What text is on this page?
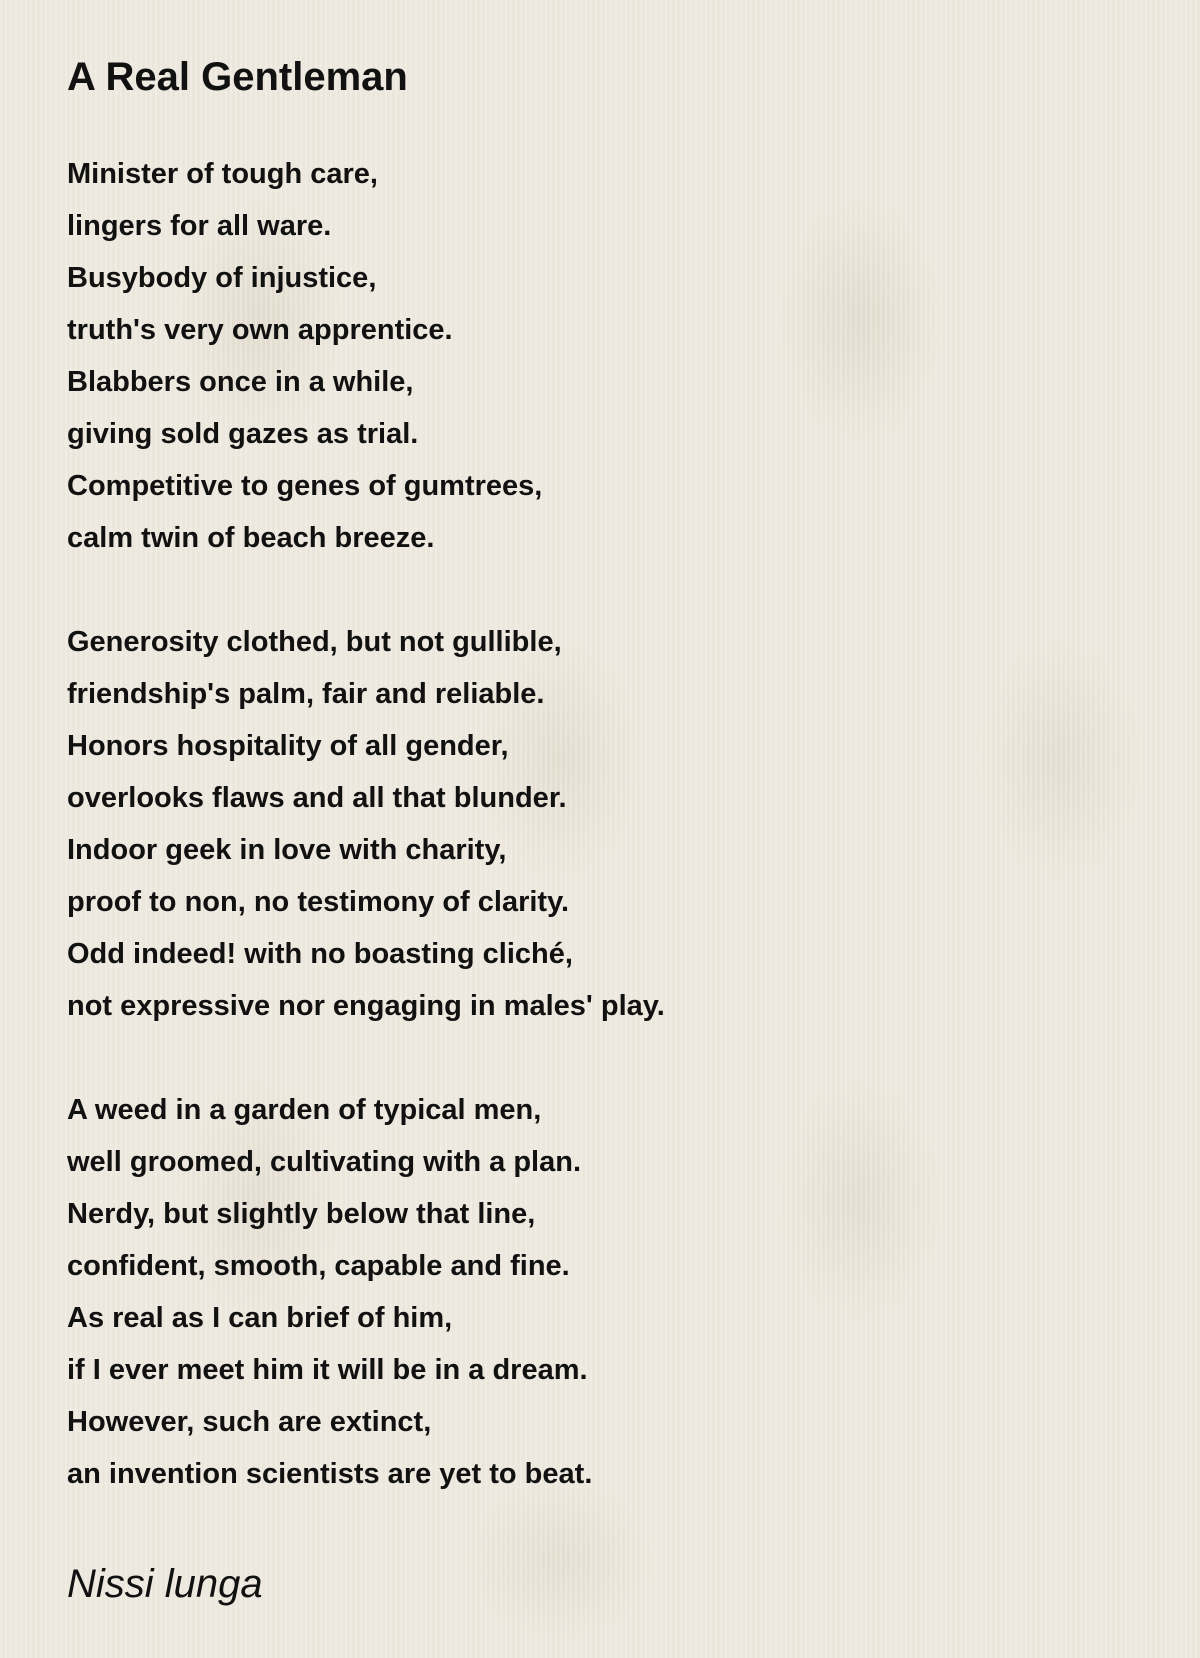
A Real Gentleman
Minister of tough care,
lingers for all ware.
Busybody of injustice,
truth's very own apprentice.
Blabbers once in a while,
giving sold gazes as trial.
Competitive to genes of gumtrees,
calm twin of beach breeze.
Generosity clothed, but not gullible,
friendship's palm, fair and reliable.
Honors hospitality of all gender,
overlooks flaws and all that blunder.
Indoor geek in love with charity,
proof to non, no testimony of clarity.
Odd indeed! with no boasting cliché,
not expressive nor engaging in males' play.
A weed in a garden of typical men,
well groomed, cultivating with a plan.
Nerdy, but slightly below that line,
confident, smooth, capable and fine.
As real as I can brief of him,
if I ever meet him it will be in a dream.
However, such are extinct,
an invention scientists are yet to beat.
Nissi lunga
